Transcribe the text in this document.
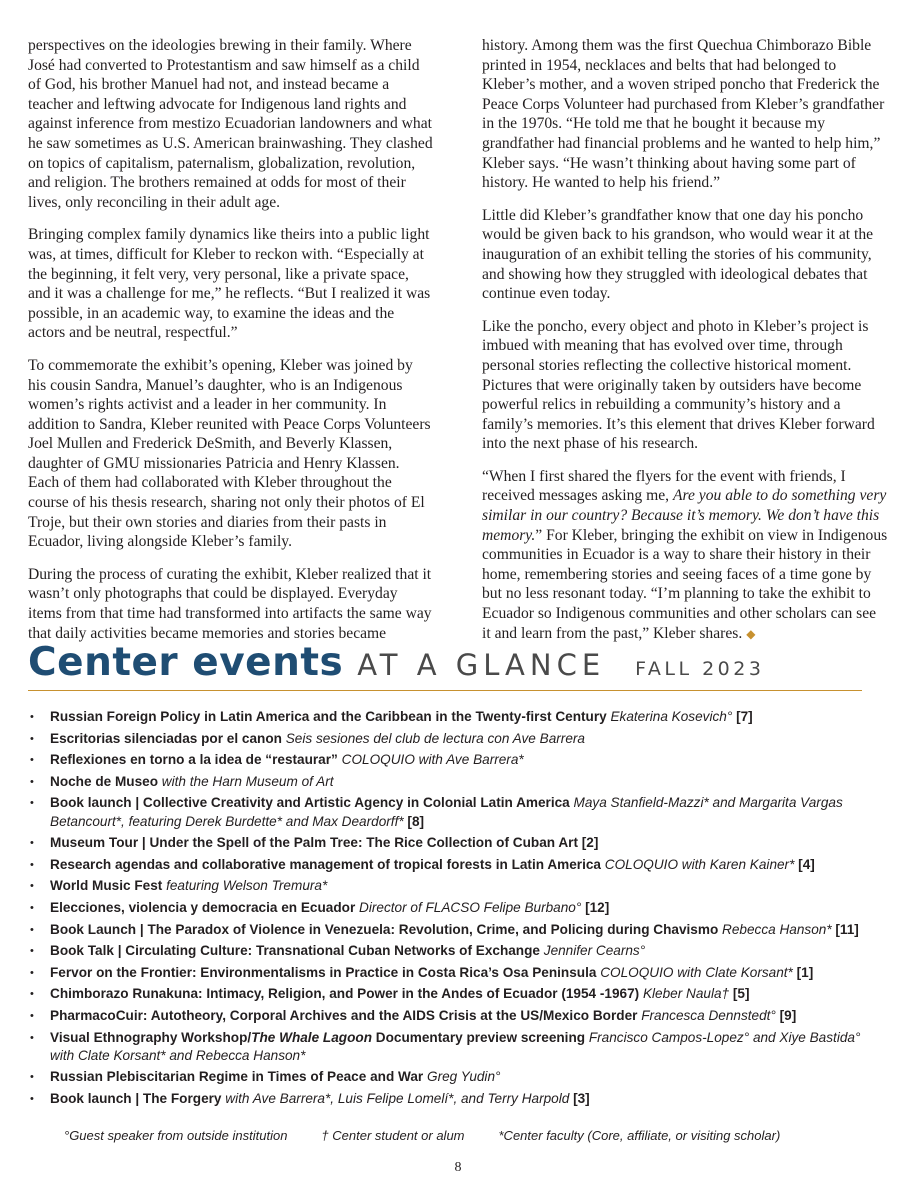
perspectives on the ideologies brewing in their family. Where José had converted to Protestantism and saw himself as a child of God, his brother Manuel had not, and instead became a teacher and leftwing advocate for Indigenous land rights and against inference from mestizo Ecuadorian landowners and what he saw sometimes as U.S. American brainwashing. They clashed on topics of capitalism, paternalism, globalization, revolution, and religion. The brothers remained at odds for most of their lives, only reconciling in their adult age.

Bringing complex family dynamics like theirs into a public light was, at times, difficult for Kleber to reckon with. “Especially at the beginning, it felt very, very personal, like a private space, and it was a challenge for me,” he reflects. “But I realized it was possible, in an academic way, to examine the ideas and the actors and be neutral, respectful.”

To commemorate the exhibit’s opening, Kleber was joined by his cousin Sandra, Manuel’s daughter, who is an Indigenous women’s rights activist and a leader in her community. In addition to Sandra, Kleber reunited with Peace Corps Volunteers Joel Mullen and Frederick DeSmith, and Beverly Klassen, daughter of GMU missionaries Patricia and Henry Klassen. Each of them had collaborated with Kleber throughout the course of his thesis research, sharing not only their photos of El Troje, but their own stories and diaries from their pasts in Ecuador, living alongside Kleber’s family.

During the process of curating the exhibit, Kleber realized that it wasn’t only photographs that could be displayed. Everyday items from that time had transformed into artifacts the same way that daily activities became memories and stories became

history. Among them was the first Quechua Chimborazo Bible printed in 1954, necklaces and belts that had belonged to Kleber’s mother, and a woven striped poncho that Frederick the Peace Corps Volunteer had purchased from Kleber’s grandfather in the 1970s. “He told me that he bought it because my grandfather had financial problems and he wanted to help him,” Kleber says. “He wasn’t thinking about having some part of history. He wanted to help his friend.”

Little did Kleber’s grandfather know that one day his poncho would be given back to his grandson, who would wear it at the inauguration of an exhibit telling the stories of his community, and showing how they struggled with ideological debates that continue even today.

Like the poncho, every object and photo in Kleber’s project is imbued with meaning that has evolved over time, through personal stories reflecting the collective historical moment. Pictures that were originally taken by outsiders have become powerful relics in rebuilding a community’s history and a family’s memories. It’s this element that drives Kleber forward into the next phase of his research.

“When I first shared the flyers for the event with friends, I received messages asking me, Are you able to do something very similar in our country? Because it’s memory. We don’t have this memory.” For Kleber, bringing the exhibit on view in Indigenous communities in Ecuador is a way to share their history in their home, remembering stories and seeing faces of a time gone by but no less resonant today. “I’m planning to take the exhibit to Ecuador so Indigenous communities and other scholars can see it and learn from the past,” Kleber shares. ◆

Center events AT A GLANCE FALL 2023
• Russian Foreign Policy in Latin America and the Caribbean in the Twenty-first Century Ekaterina Kosevich° [7]
• Escritorias silenciadas por el canon Seis sesiones del club de lectura con Ave Barrera
• Reflexiones en torno a la idea de “restaurar” COLOQUIO with Ave Barrera*
• Noche de Museo with the Harn Museum of Art
• Book launch | Collective Creativity and Artistic Agency in Colonial Latin America Maya Stanfield-Mazzi* and Margarita Vargas Betancourt*, featuring Derek Burdette* and Max Deardorff* [8]
• Museum Tour | Under the Spell of the Palm Tree: The Rice Collection of Cuban Art [2]
• Research agendas and collaborative management of tropical forests in Latin America COLOQUIO with Karen Kainer* [4]
• World Music Fest featuring Welson Tremura*
• Elecciones, violencia y democracia en Ecuador Director of FLACSO Felipe Burbano° [12]
• Book Launch | The Paradox of Violence in Venezuela: Revolution, Crime, and Policing during Chavismo Rebecca Hanson* [11]
• Book Talk | Circulating Culture: Transnational Cuban Networks of Exchange Jennifer Cearns°
• Fervor on the Frontier: Environmentalisms in Practice in Costa Rica’s Osa Peninsula COLOQUIO with Clate Korsant* [1]
• Chimborazo Runakuna: Intimacy, Religion, and Power in the Andes of Ecuador (1954 -1967) Kleber Naula† [5]
• PharmacoCuir: Autotheory, Corporal Archives and the AIDS Crisis at the US/Mexico Border Francesca Dennstedt° [9]
• Visual Ethnography Workshop/The Whale Lagoon Documentary preview screening Francisco Campos-Lopez° and Xiye Bastida° with Clate Korsant* and Rebecca Hanson*
• Russian Plebiscitarian Regime in Times of Peace and War Greg Yudin°
• Book launch | The Forgery with Ave Barrera*, Luis Felipe Lomelí*, and Terry Harpold [3]
°Guest speaker from outside institution	† Center student or alum	*Center faculty (Core, affiliate, or visiting scholar)
8
